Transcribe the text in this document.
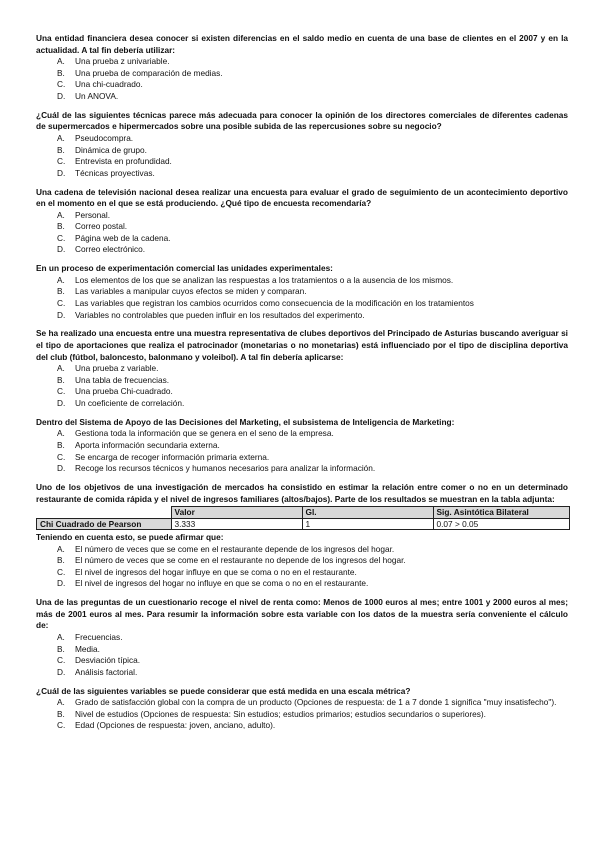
Una entidad financiera desea conocer si existen diferencias en el saldo medio en cuenta de una base de clientes en el 2007 y en la actualidad. A tal fin debería utilizar:

A.	Una prueba z univariable.
B.	Una prueba de comparación de medias.
C.	Una chi-cuadrado.
D.	Un ANOVA.

¿Cuál de las siguientes técnicas parece más adecuada para conocer la opinión de los directores comerciales de diferentes cadenas de supermercados e hipermercados sobre una posible subida de las repercusiones sobre su negocio?

A.	Pseudocompra.
B.	Dinámica de grupo.
C.	Entrevista en profundidad.
D.	Técnicas proyectivas.

Una cadena de televisión nacional desea realizar una encuesta para evaluar el grado de seguimiento de un acontecimiento deportivo en el momento en el que se está produciendo. ¿Qué tipo de encuesta recomendaría?

A.	Personal.
B.	Correo postal.
C.	Página web de la cadena.
D.	Correo electrónico.

En un proceso de experimentación comercial las unidades experimentales:

A.	Los elementos de los que se analizan las respuestas a los tratamientos o a la ausencia de los mismos.
B.	Las variables a manipular cuyos efectos se miden y comparan.
C.	Las variables que registran los cambios ocurridos como consecuencia de la modificación en los tratamientos
D.	Variables no controlables que pueden influir en los resultados del experimento.

Se ha realizado una encuesta entre una muestra representativa de clubes deportivos del Principado de Asturias buscando averiguar si el tipo de aportaciones que realiza el patrocinador (monetarias o no monetarias) está influenciado por el tipo de disciplina deportiva del club (fútbol, baloncesto, balonmano y voleibol). A tal fin debería aplicarse:

A.	Una prueba z variable.
B.	Una tabla de frecuencias.
C.	Una prueba Chi-cuadrado.
D.	Un coeficiente de correlación.

Dentro del Sistema de Apoyo de las Decisiones del Marketing, el subsistema de Inteligencia de Marketing:

A.	Gestiona toda la información que se genera en el seno de la empresa.
B.	Aporta información secundaria externa.
C.	Se encarga de recoger información primaria externa.
D.	Recoge los recursos técnicos y humanos necesarios para analizar la información.

Uno de los objetivos de una investigación de mercados ha consistido en estimar la relación entre comer o no en un determinado restaurante de comida rápida y el nivel de ingresos familiares (altos/bajos). Parte de los resultados se muestran en la tabla adjunta:

	Valor	Gl.	Sig. Asintótica Bilateral
Chi Cuadrado de Pearson	3.333	1	0.07 > 0.05

Teniendo en cuenta esto, se puede afirmar que:

A.	El número de veces que se come en el restaurante depende de los ingresos del hogar.
B.	El número de veces que se come en el restaurante no depende de los ingresos del hogar.
C.	El nivel de ingresos del hogar influye en que se coma o no en el restaurante.
D.	El nivel de ingresos del hogar no influye en que se coma o no en el restaurante.

Una de las preguntas de un cuestionario recoge el nivel de renta como: Menos de 1000 euros al mes; entre 1001 y 2000 euros al mes; más de 2001 euros al mes. Para resumir la información sobre esta variable con los datos de la muestra sería conveniente el cálculo de:

A.	Frecuencias.
B.	Media.
C.	Desviación típica.
D.	Análisis factorial.

¿Cuál de las siguientes variables se puede considerar que está medida en una escala métrica?

A.	Grado de satisfacción global con la compra de un producto (Opciones de respuesta: de 1 a 7 donde 1 significa "muy insatisfecho").
B.	Nivel de estudios (Opciones de respuesta: Sin estudios; estudios primarios; estudios secundarios o superiores).
C.	Edad (Opciones de respuesta: joven, anciano, adulto).
